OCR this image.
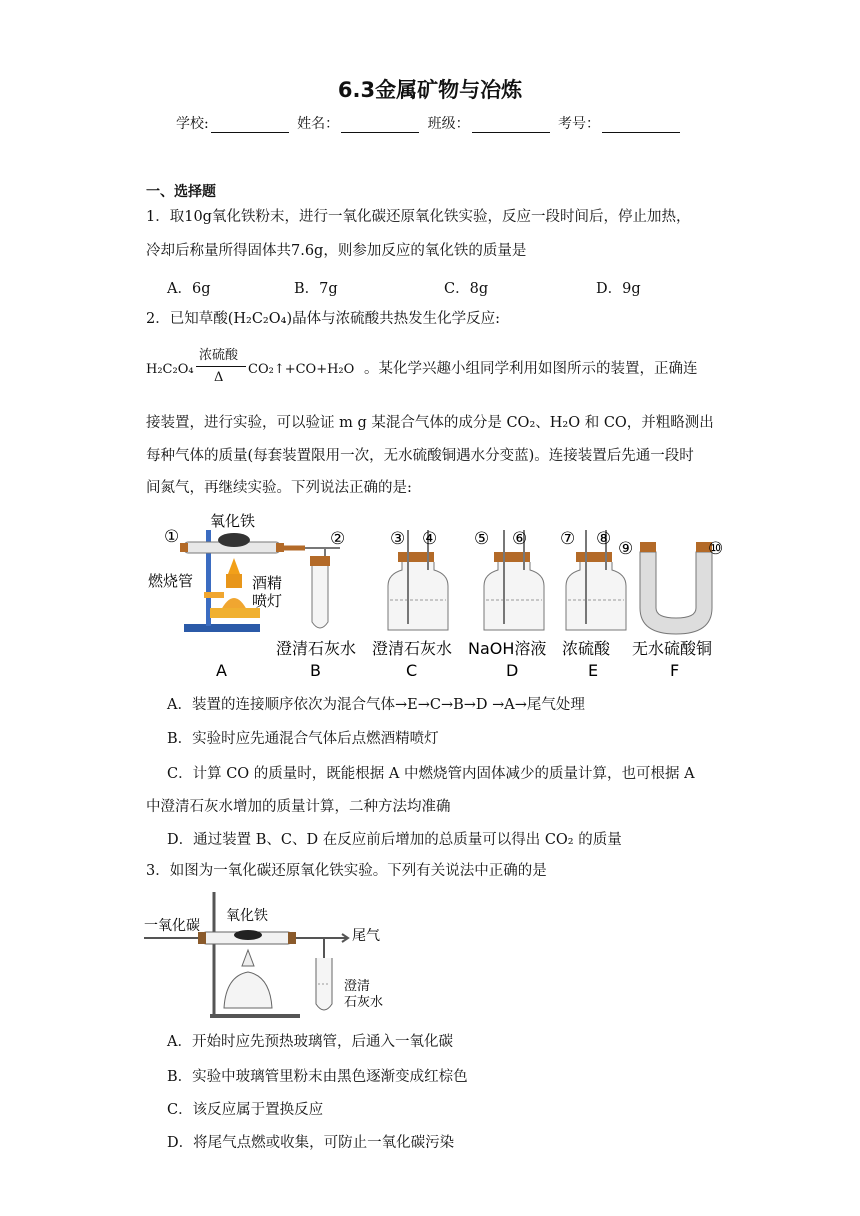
6.3金属矿物与冶炼
学校:	姓名：	班级：	考号：
一、选择题
1．取10g氧化铁粉末，进行一氧化碳还原氧化铁实验，反应一段时间后，停止加热，
冷却后称量所得固体共7.6g，则参加反应的氧化铁的质量是
A．6g	B．7g	C．8g	D．9g
2．已知草酸(H₂C₂O₄)晶体与浓硫酸共热发生化学反应:
H₂C₂O₄
浓硫酸
Δ
CO₂↑+CO+H₂O 。某化学兴趣小组同学利用如图所示的装置，正确连
接装置，进行实验，可以验证 m g 某混合气体的成分是 CO₂、H₂O 和 CO，并粗略测出
每种气体的质量(每套装置限用一次，无水硫酸铜遇水分变蓝)。连接装置后先通一段时
间氮气，再继续实验。下列说法正确的是:
①
氧化铁
燃烧管	酒精
喷灯
②	③ ④ ⑤ ⑥ ⑦ ⑧ ⑨	⑩
澄清石灰水 澄清石灰水 NaOH溶液 浓硫酸 无水硫酸铜
A	B	C	D	E	F
A．装置的连接顺序依次为混合气体→E→C→B→D →A→尾气处理
B．实验时应先通混合气体后点燃酒精喷灯
C．计算 CO 的质量时，既能根据 A 中燃烧管内固体减少的质量计算，也可根据 A
中澄清石灰水增加的质量计算，二种方法均准确
D．通过装置 B、C、D 在反应前后增加的总质量可以得出 CO₂ 的质量
3．如图为一氧化碳还原氧化铁实验。下列有关说法中正确的是
一氧化碳
氧化铁
尾气
澄清
石灰水
A．开始时应先预热玻璃管，后通入一氧化碳
B．实验中玻璃管里粉末由黑色逐渐变成红棕色
C．该反应属于置换反应
D．将尾气点燃或收集，可防止一氧化碳污染
